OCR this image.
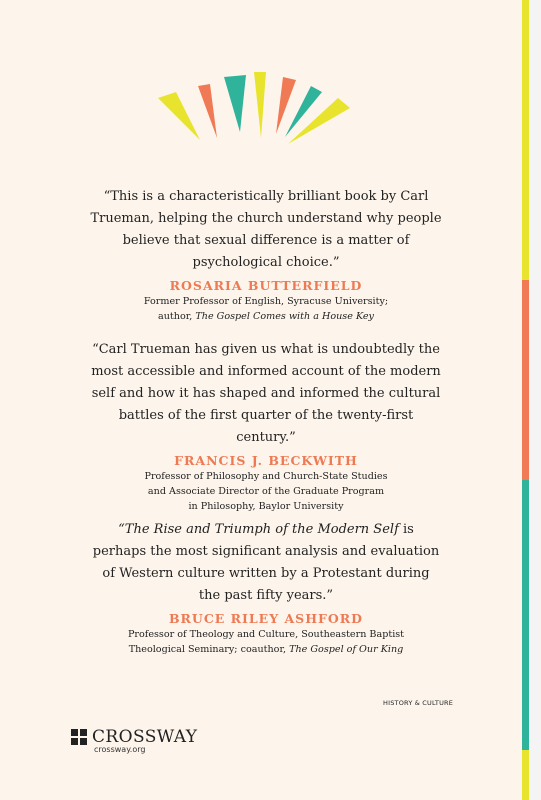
“This is a characteristically brilliant book by Carl Trueman, helping the church understand why people believe that sexual difference is a matter of psychological choice.”

ROSARIA BUTTERFIELD
Former Professor of English, Syracuse University;
author, The Gospel Comes with a House Key

“Carl Trueman has given us what is undoubtedly the most accessible and informed account of the modern self and how it has shaped and informed the cultural battles of the first quarter of the twenty-first century.”

FRANCIS J. BECKWITH
Professor of Philosophy and Church-State Studies
and Associate Director of the Graduate Program
in Philosophy, Baylor University

“The Rise and Triumph of the Modern Self is perhaps the most significant analysis and evaluation of Western culture written by a Protestant during the past fifty years.”

BRUCE RILEY ASHFORD
Professor of Theology and Culture, Southeastern Baptist
Theological Seminary; coauthor, The Gospel of Our King
HISTORY & CULTURE
CROSSWAY
crossway.org
